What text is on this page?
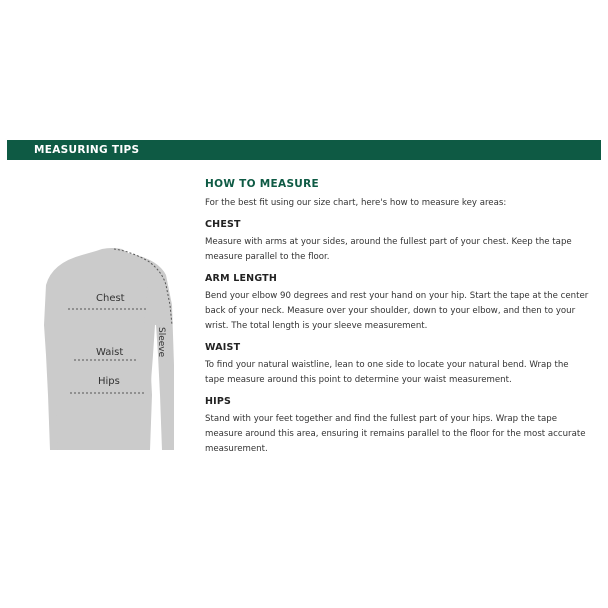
MEASURING TIPS
Chest
Waist
Hips
Sleeve
HOW TO MEASURE

For the best fit using our size chart, here's how to measure key areas:

CHEST

Measure with arms at your sides, around the fullest part of your chest. Keep the tape measure parallel to the floor.

ARM LENGTH

Bend your elbow 90 degrees and rest your hand on your hip. Start the tape at the center back of your neck. Measure over your shoulder, down to your elbow, and then to your wrist. The total length is your sleeve measurement.

WAIST

To find your natural waistline, lean to one side to locate your natural bend. Wrap the tape measure around this point to determine your waist measurement.

HIPS

Stand with your feet together and find the fullest part of your hips. Wrap the tape measure around this area, ensuring it remains parallel to the floor for the most accurate measurement.
